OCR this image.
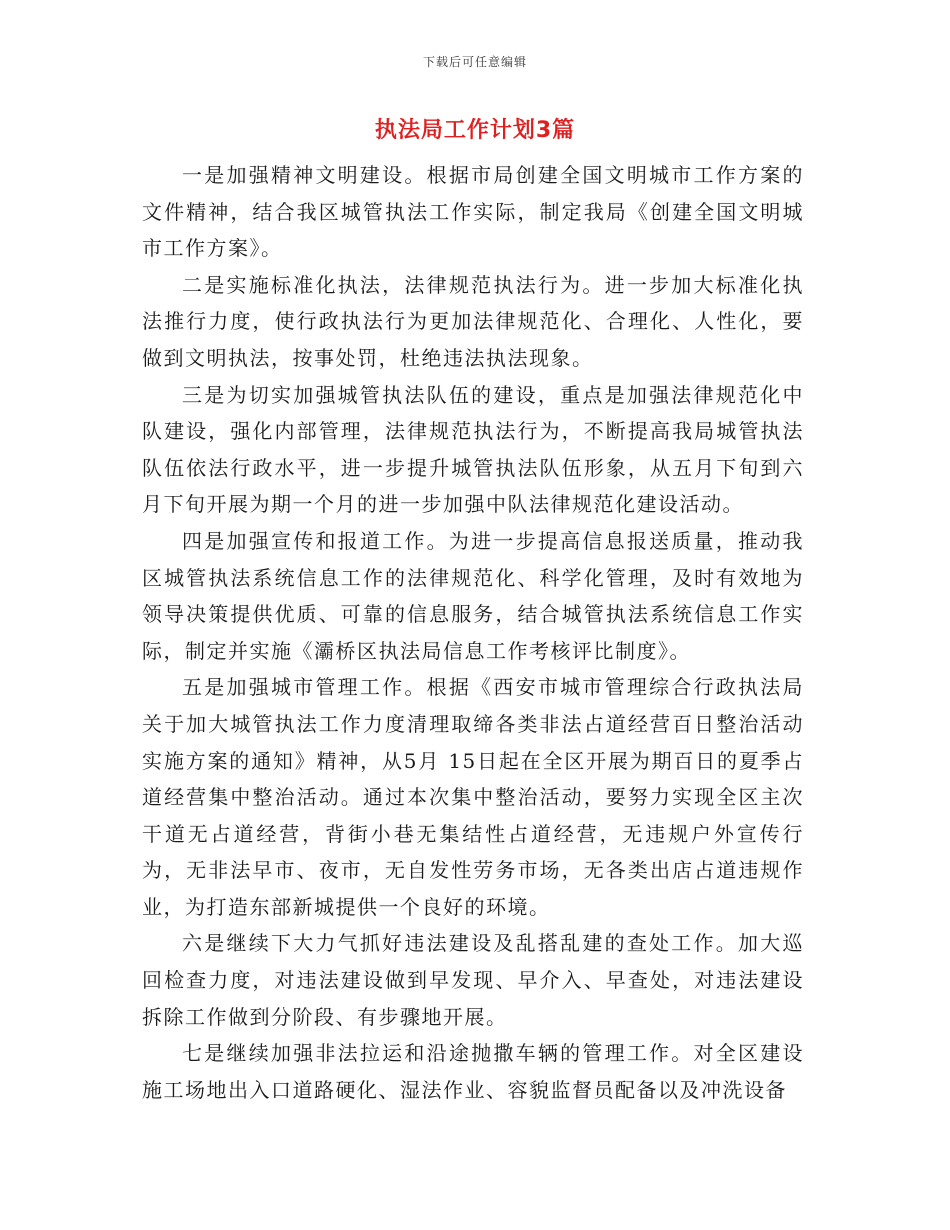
下载后可任意编辑
执法局工作计划3篇

一是加强精神文明建设。根据市局创建全国文明城市工作方案的文件精神，结合我区城管执法工作实际，制定我局《创建全国文明城市工作方案》。

二是实施标准化执法，法律规范执法行为。进一步加大标准化执法推行力度，使行政执法行为更加法律规范化、合理化、人性化，要做到文明执法，按事处罚，杜绝违法执法现象。

三是为切实加强城管执法队伍的建设，重点是加强法律规范化中队建设，强化内部管理，法律规范执法行为，不断提高我局城管执法队伍依法行政水平，进一步提升城管执法队伍形象，从五月下旬到六月下旬开展为期一个月的进一步加强中队法律规范化建设活动。

四是加强宣传和报道工作。为进一步提高信息报送质量，推动我区城管执法系统信息工作的法律规范化、科学化管理，及时有效地为领导决策提供优质、可靠的信息服务，结合城管执法系统信息工作实际，制定并实施《灞桥区执法局信息工作考核评比制度》。

五是加强城市管理工作。根据《西安市城市管理综合行政执法局关于加大城管执法工作力度清理取缔各类非法占道经营百日整治活动实施方案的通知》精神，从5月 15日起在全区开展为期百日的夏季占道经营集中整治活动。通过本次集中整治活动，要努力实现全区主次干道无占道经营，背街小巷无集结性占道经营，无违规户外宣传行为，无非法早市、夜市，无自发性劳务市场，无各类出店占道违规作业，为打造东部新城提供一个良好的环境。

六是继续下大力气抓好违法建设及乱搭乱建的查处工作。加大巡回检查力度，对违法建设做到早发现、早介入、早查处，对违法建设拆除工作做到分阶段、有步骤地开展。

七是继续加强非法拉运和沿途抛撒车辆的管理工作。对全区建设施工场地出入口道路硬化、湿法作业、容貌监督员配备以及冲洗设备
